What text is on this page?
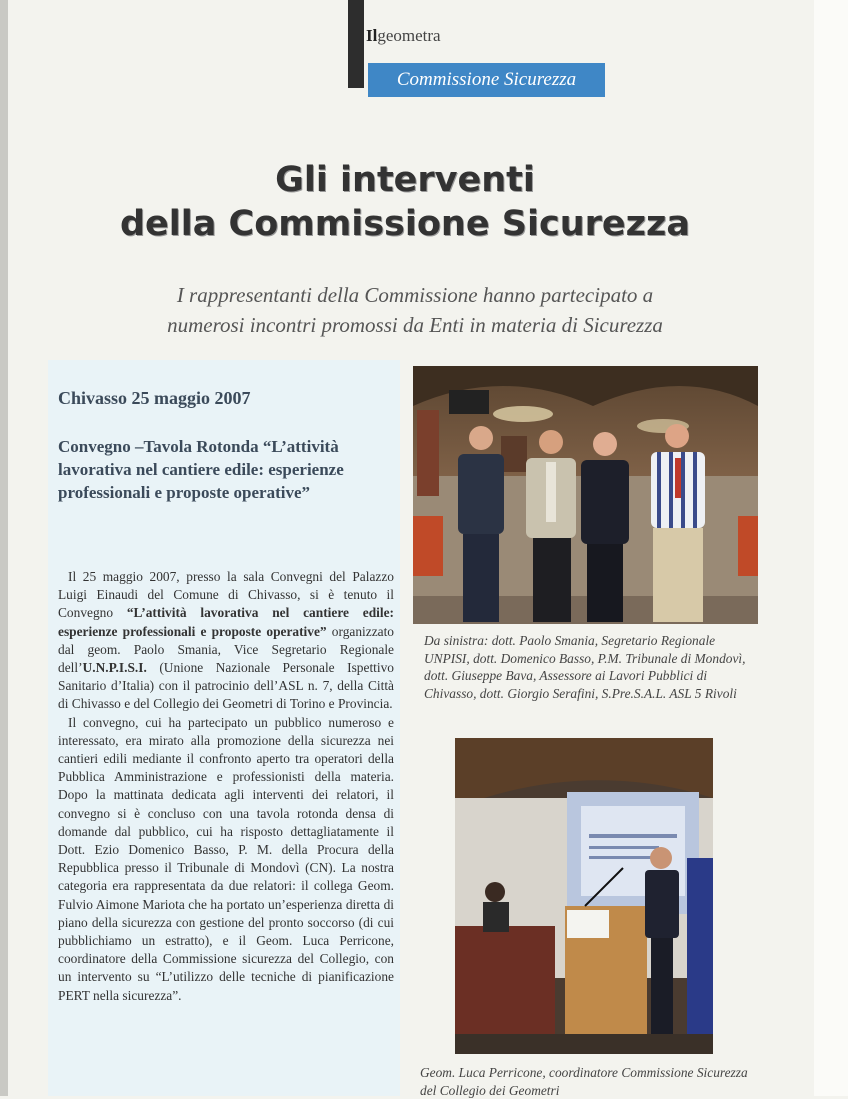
Ilgeometra
Commissione Sicurezza
Gli interventi
della Commissione Sicurezza

I rappresentanti della Commissione hanno partecipato a
numerosi incontri promossi da Enti in materia di Sicurezza

Chivasso 25 maggio 2007
Convegno –Tavola Rotonda “L’attività lavorativa nel cantiere edile: esperienze professionali e proposte operative”

Il 25 maggio 2007, presso la sala Convegni del Palazzo Luigi Einaudi del Comune di Chivasso, si è tenuto il Convegno “L’attività lavorativa nel cantiere edile: esperienze professionali e proposte operative” organizzato dal geom. Paolo Smania, Vice Segretario Regionale dell’U.N.P.I.S.I. (Unione Nazionale Personale Ispettivo Sanitario d’Italia) con il patrocinio dell’ASL n. 7, della Città di Chivasso e del Collegio dei Geometri di Torino e Provincia.

Il convegno, cui ha partecipato un pubblico numeroso e interessato, era mirato alla promozione della sicurezza nei cantieri edili mediante il confronto aperto tra operatori della Pubblica Amministrazione e professionisti della materia. Dopo la mattinata dedicata agli interventi dei relatori, il convegno si è concluso con una tavola rotonda densa di domande dal pubblico, cui ha risposto dettagliatamente il Dott. Ezio Domenico Basso, P. M. della Procura della Repubblica presso il Tribunale di Mondovì (CN). La nostra categoria era rappresentata da due relatori: il collega Geom. Fulvio Aimone Mariota che ha portato un’esperienza diretta di piano della sicurezza con gestione del pronto soccorso (di cui pubblichiamo un estratto), e il Geom. Luca Perricone, coordinatore della Commissione sicurezza del Collegio, con un intervento su “L’utilizzo delle tecniche di pianificazione PERT nella sicurezza”.

Da sinistra: dott. Paolo Smania, Segretario Regionale UNPISI, dott. Domenico Basso, P.M. Tribunale di Mondovì, dott. Giuseppe Bava, Assessore ai Lavori Pubblici di Chivasso, dott. Giorgio Serafini, S.Pre.S.A.L. ASL 5 Rivoli
Geom. Luca Perricone, coordinatore Commissione Sicurezza del Collegio dei Geometri
